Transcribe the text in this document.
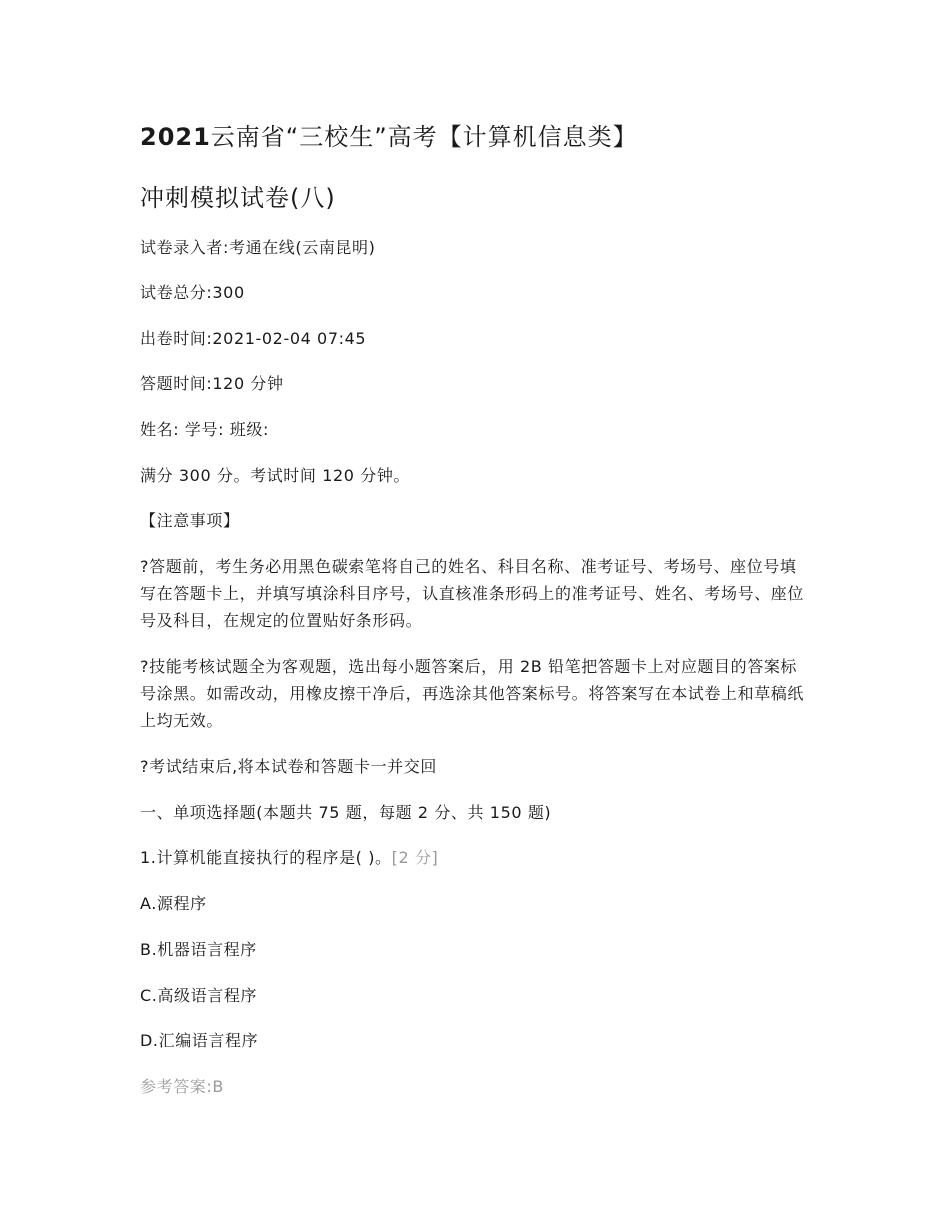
2021云南省“三校生”高考【计算机信息类】
冲刺模拟试卷(八)
试卷录入者:考通在线(云南昆明)
试卷总分:300
出卷时间:2021-02-04 07:45
答题时间:120 分钟
姓名: 学号: 班级:
满分 300 分。考试时间 120 分钟。
【注意事项】
?答题前，考生务必用黑色碳索笔将自己的姓名、科目名称、准考证号、考场号、座位号填写在答题卡上，并填写填涂科目序号，认直核准条形码上的准考证号、姓名、考场号、座位号及科目，在规定的位置贴好条形码。
?技能考核试题全为客观题，选出每小题答案后，用 2B 铅笔把答题卡上对应题目的答案标号涂黑。如需改动，用橡皮擦干净后，再选涂其他答案标号。将答案写在本试卷上和草稿纸上均无效。
?考试结束后,将本试卷和答题卡一并交回
一、单项选择题(本题共 75 题，每题 2 分、共 150 题)
1.计算机能直接执行的程序是( )。[2 分]
A.源程序
B.机器语言程序
C.高级语言程序
D.汇编语言程序
参考答案:B
